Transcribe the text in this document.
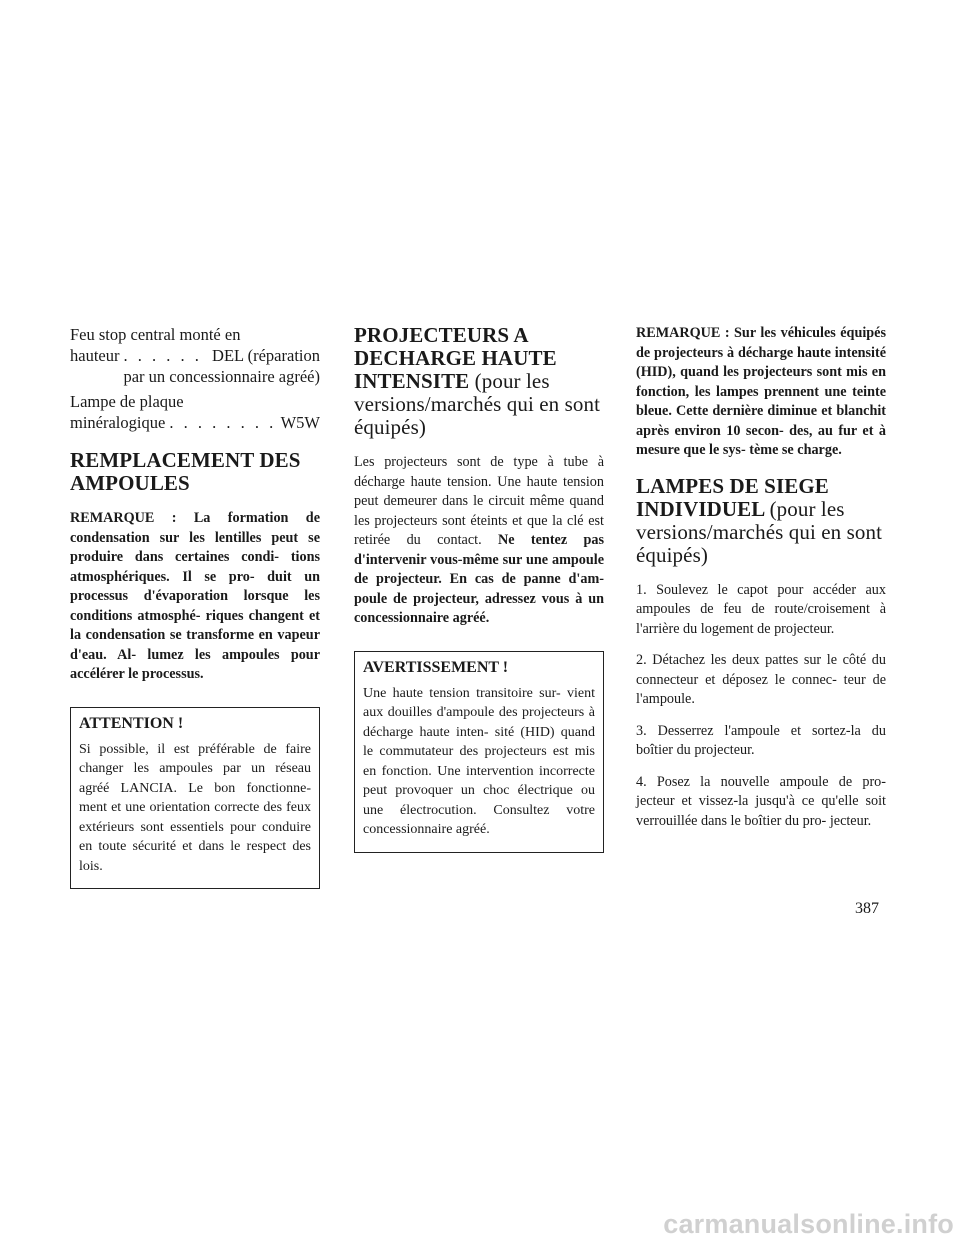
Feu stop central monté en
hauteur . . .	DEL (réparation
par un concessionnaire agréé)
Lampe de plaque
minéralogique . . .	W5W
REMPLACEMENT DES AMPOULES

REMARQUE : La formation de condensation sur les lentilles peut se produire dans certaines condi- tions atmosphériques. Il se pro- duit un processus d'évaporation lorsque les conditions atmosphé- riques changent et la condensation se transforme en vapeur d'eau. Al- lumez les ampoules pour accélérer le processus.

ATTENTION !

Si possible, il est préférable de faire changer les ampoules par un réseau agréé LANCIA. Le bon fonctionne- ment et une orientation correcte des feux extérieurs sont essentiels pour conduire en toute sécurité et dans le respect des lois.

PROJECTEURS A DECHARGE HAUTE INTENSITE (pour les versions/marchés qui en sont équipés)

Les projecteurs sont de type à tube à décharge haute tension. Une haute tension peut demeurer dans le circuit même quand les projecteurs sont éteints et que la clé est retirée du contact. Ne tentez pas d'intervenir vous-même sur une ampoule de projecteur. En cas de panne d'am- poule de projecteur, adressez vous à un concessionnaire agréé.

AVERTISSEMENT !

Une haute tension transitoire sur- vient aux douilles d'ampoule des projecteurs à décharge haute inten- sité (HID) quand le commutateur des projecteurs est mis en fonction. Une intervention incorrecte peut provoquer un choc électrique ou une électrocution. Consultez votre concessionnaire agréé.

REMARQUE : Sur les véhicules équipés de projecteurs à décharge haute intensité (HID), quand les projecteurs sont mis en fonction, les lampes prennent une teinte bleue. Cette dernière diminue et blanchit après environ 10 secon- des, au fur et à mesure que le sys- tème se charge.

LAMPES DE SIEGE INDIVIDUEL (pour les versions/marchés qui en sont équipés)

1. Soulevez le capot pour accéder aux ampoules de feu de route/croisement à l'arrière du logement de projecteur.

2. Détachez les deux pattes sur le côté du connecteur et déposez le connec- teur de l'ampoule.

3. Desserrez l'ampoule et sortez-la du boîtier du projecteur.

4. Posez la nouvelle ampoule de pro- jecteur et vissez-la jusqu'à ce qu'elle soit verrouillée dans le boîtier du pro- jecteur.

387
carmanualsonline.info
